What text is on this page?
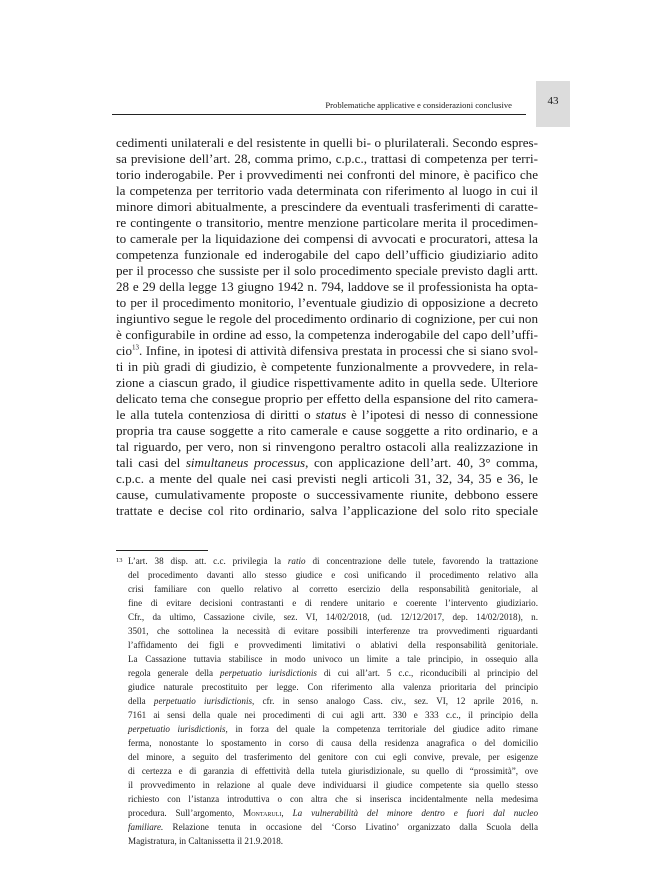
Problematiche applicative e considerazioni conclusive	43
cedimenti unilaterali e del resistente in quelli bi- o plurilaterali. Secondo espres-
sa previsione dell’art. 28, comma primo, c.p.c., trattasi di competenza per terri-
torio inderogabile. Per i provvedimenti nei confronti del minore, è pacifico che
la competenza per territorio vada determinata con riferimento al luogo in cui il
minore dimori abitualmente, a prescindere da eventuali trasferimenti di caratte-
re contingente o transitorio, mentre menzione particolare merita il procedimen-
to camerale per la liquidazione dei compensi di avvocati e procuratori, attesa la
competenza funzionale ed inderogabile del capo dell’ufficio giudiziario adito
per il processo che sussiste per il solo procedimento speciale previsto dagli artt.
28 e 29 della legge 13 giugno 1942 n. 794, laddove se il professionista ha opta-
to per il procedimento monitorio, l’eventuale giudizio di opposizione a decreto
ingiuntivo segue le regole del procedimento ordinario di cognizione, per cui non
è configurabile in ordine ad esso, la competenza inderogabile del capo dell’uffi-
cio$^{13}$. Infine, in ipotesi di attività difensiva prestata in processi che si siano svol-
ti in più gradi di giudizio, è competente funzionalmente a provvedere, in rela-
zione a ciascun grado, il giudice rispettivamente adito in quella sede. Ulteriore
delicato tema che consegue proprio per effetto della espansione del rito camera-
le alla tutela contenziosa di diritti o status è l’ipotesi di nesso di connessione
propria tra cause soggette a rito camerale e cause soggette a rito ordinario, e a
tal riguardo, per vero, non si rinvengono peraltro ostacoli alla realizzazione in
tali casi del simultaneus processus, con applicazione dell’art. 40, 3° comma,
c.p.c. a mente del quale nei casi previsti negli articoli 31, 32, 34, 35 e 36, le
cause, cumulativamente proposte o successivamente riunite, debbono essere
trattate e decise col rito ordinario, salva l’applicazione del solo rito speciale
13 L’art. 38 disp. att. c.c. privilegia la ratio di concentrazione delle tutele, favorendo la trattazione
del procedimento davanti allo stesso giudice e così unificando il procedimento relativo alla
crisi familiare con quello relativo al corretto esercizio della responsabilità genitoriale, al
fine di evitare decisioni contrastanti e di rendere unitario e coerente l’intervento giudiziario.
Cfr., da ultimo, Cassazione civile, sez. VI, 14/02/2018, (ud. 12/12/2017, dep. 14/02/2018), n.
3501, che sottolinea la necessità di evitare possibili interferenze tra provvedimenti riguardanti
l’affidamento dei figli e provvedimenti limitativi o ablativi della responsabilità genitoriale.
La Cassazione tuttavia stabilisce in modo univoco un limite a tale principio, in ossequio alla
regola generale della perpetuatio iurisdictionis di cui all’art. 5 c.c., riconducibili al principio del
giudice naturale precostituito per legge. Con riferimento alla valenza prioritaria del principio
della perpetuatio iurisdictionis, cfr. in senso analogo Cass. civ., sez. VI, 12 aprile 2016, n.
7161 ai sensi della quale nei procedimenti di cui agli artt. 330 e 333 c.c., il principio della
perpetuatio iurisdictionis, in forza del quale la competenza territoriale del giudice adito rimane
ferma, nonostante lo spostamento in corso di causa della residenza anagrafica o del domicilio
del minore, a seguito del trasferimento del genitore con cui egli convive, prevale, per esigenze
di certezza e di garanzia di effettività della tutela giurisdizionale, su quello di “prossimità”, ove
il provvedimento in relazione al quale deve individuarsi il giudice competente sia quello stesso
richiesto con l’istanza introduttiva o con altra che si inserisca incidentalmente nella medesima
procedura. Sull’argomento, Montaruli, La vulnerabilità del minore dentro e fuori dal nucleo
familiare. Relazione tenuta in occasione del ‘Corso Livatino’ organizzato dalla Scuola della
Magistratura, in Caltanissetta il 21.9.2018.
